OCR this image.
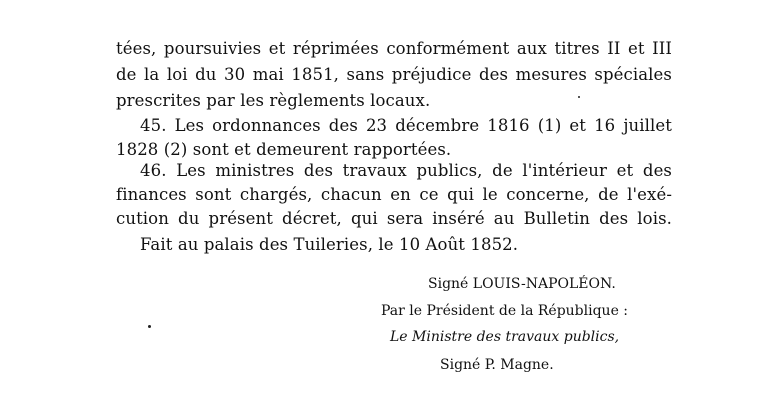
tées, poursuivies et réprimées conformément aux titres II et III
de la loi du 30 mai 1851, sans préjudice des mesures spéciales
prescrites par les règlements locaux.
45. Les ordonnances des 23 décembre 1816 (1) et 16 juillet
1828 (2) sont et demeurent rapportées.
46. Les ministres des travaux publics, de l'intérieur et des
finances sont chargés, chacun en ce qui le concerne, de l'exé-
cution du présent décret, qui sera inséré au Bulletin des lois.
Fait au palais des Tuileries, le 10 Août 1852.
Signé LOUIS-NAPOLÉON.
Par le Président de la République :
Le Ministre des travaux publics,
Signé P. Magne.
